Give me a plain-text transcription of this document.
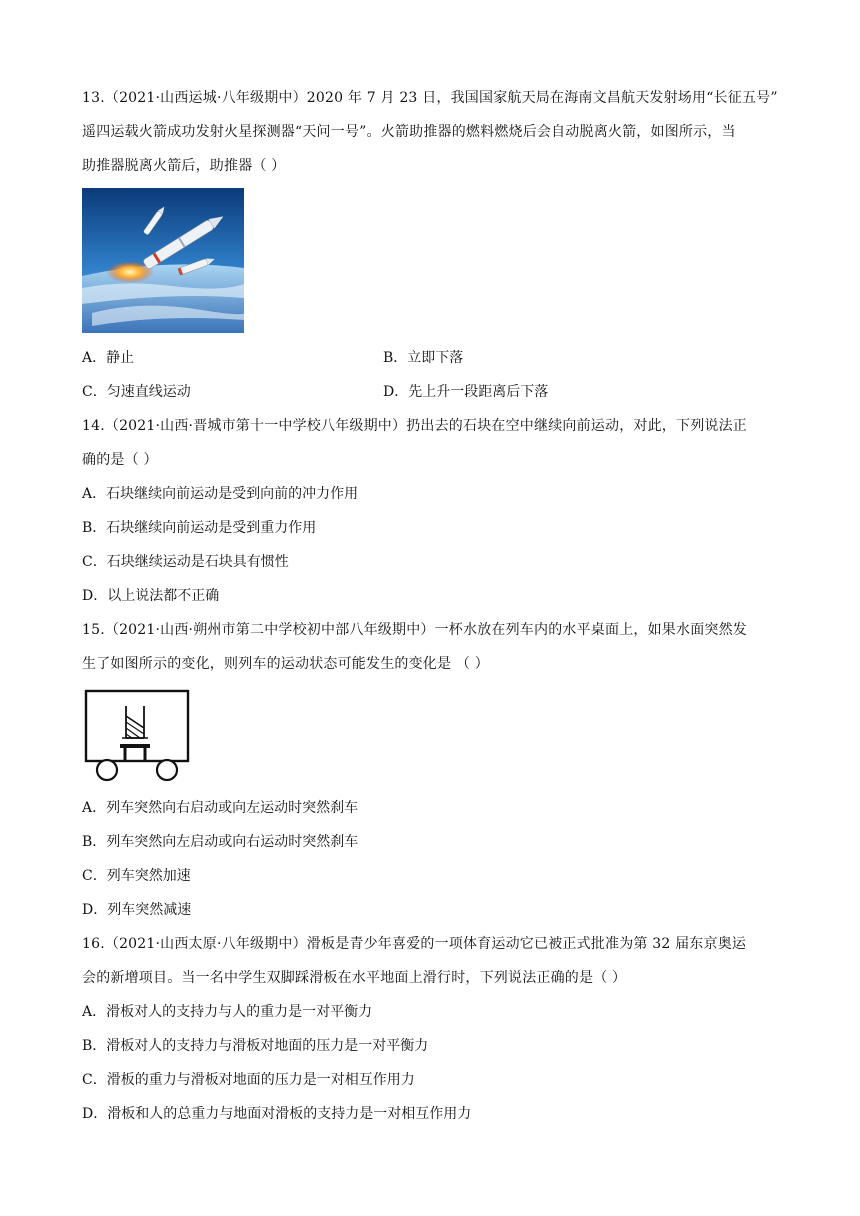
13.（2021·山西运城·八年级期中）2020 年 7 月 23 日，我国国家航天局在海南文昌航天发射场用“长征五号”
遥四运载火箭成功发射火星探测器“天问一号”。火箭助推器的燃料燃烧后会自动脱离火箭，如图所示，当
助推器脱离火箭后，助推器（ ）
A．静止	B．立即下落
C．匀速直线运动	D．先上升一段距离后下落
14.（2021·山西·晋城市第十一中学校八年级期中）扔出去的石块在空中继续向前运动，对此，下列说法正
确的是（ ）
A．石块继续向前运动是受到向前的冲力作用
B．石块继续向前运动是受到重力作用
C．石块继续运动是石块具有惯性
D．以上说法都不正确
15.（2021·山西·朔州市第二中学校初中部八年级期中）一杯水放在列车内的水平桌面上，如果水面突然发
生了如图所示的变化，则列车的运动状态可能发生的变化是 （ ）
A．列车突然向右启动或向左运动时突然刹车
B．列车突然向左启动或向右运动时突然刹车
C．列车突然加速
D．列车突然减速
16.（2021·山西太原·八年级期中）滑板是青少年喜爱的一项体育运动它已被正式批准为第 32 届东京奥运
会的新增项目。当一名中学生双脚踩滑板在水平地面上滑行时，下列说法正确的是（ ）
A．滑板对人的支持力与人的重力是一对平衡力
B．滑板对人的支持力与滑板对地面的压力是一对平衡力
C．滑板的重力与滑板对地面的压力是一对相互作用力
D．滑板和人的总重力与地面对滑板的支持力是一对相互作用力
